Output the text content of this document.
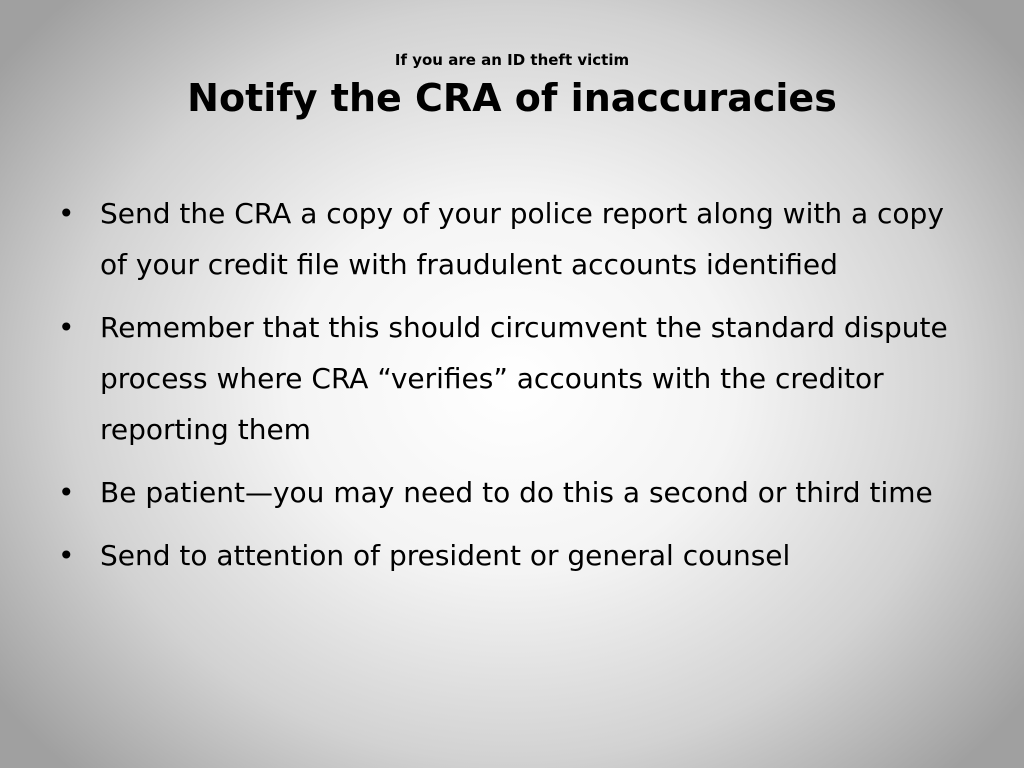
If you are an ID theft victim
Notify the CRA of inaccuracies
• Send the CRA a copy of your police report along with a copy of your credit file with fraudulent accounts identified
• Remember that this should circumvent the standard dispute process where CRA “verifies” accounts with the creditor reporting them
• Be patient—you may need to do this a second or third time
• Send to attention of president or general counsel
